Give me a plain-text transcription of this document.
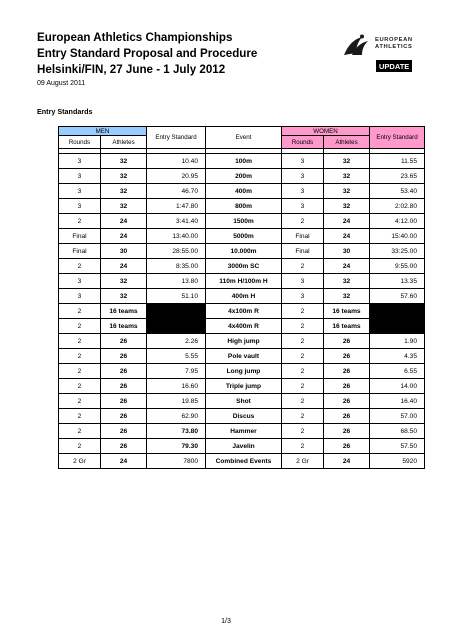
European Athletics Championships
Entry Standard Proposal and Procedure
Helsinki/FIN, 27 June - 1 July 2012
EUROPEAN
ATHLETICS
UPDATE
09 August 2011
Entry Standards
MEN		Entry Standard	Event	WOMEN		Entry Standard
Rounds	Athletes			Rounds	Athletes	

3	32	10.40	100m	3	32	11.55
3	32	20.95	200m	3	32	23.65
3	32	46.70	400m	3	32	53.40
3	32	1:47.80	800m	3	32	2:02.80
2	24	3:41.40	1500m	2	24	4:12.00
Final	24	13:40.00	5000m	Final	24	15:40.00
Final	30	28:55.00	10.000m	Final	30	33:25.00
2	24	8:35.00	3000m SC	2	24	9:55.00
3	32	13.80	110m H/100m H	3	32	13.35
3	32	51.10	400m H	3	32	57.60
2	16 teams		4x100m R	2	16 teams	
2	16 teams		4x400m R	2	16 teams	
2	26	2.26	High jump	2	26	1.90
2	26	5.55	Pole vault	2	26	4.35
2	26	7.95	Long jump	2	26	6.55
2	26	16.60	Triple jump	2	26	14.00
2	26	19.85	Shot	2	26	16.40
2	26	62.90	Discus	2	26	57.00
2	26	73.80	Hammer	2	26	68.50
2	26	79.30	Javelin	2	26	57.50
2 Gr	24	7800	Combined Events	2 Gr	24	5920
1/3
